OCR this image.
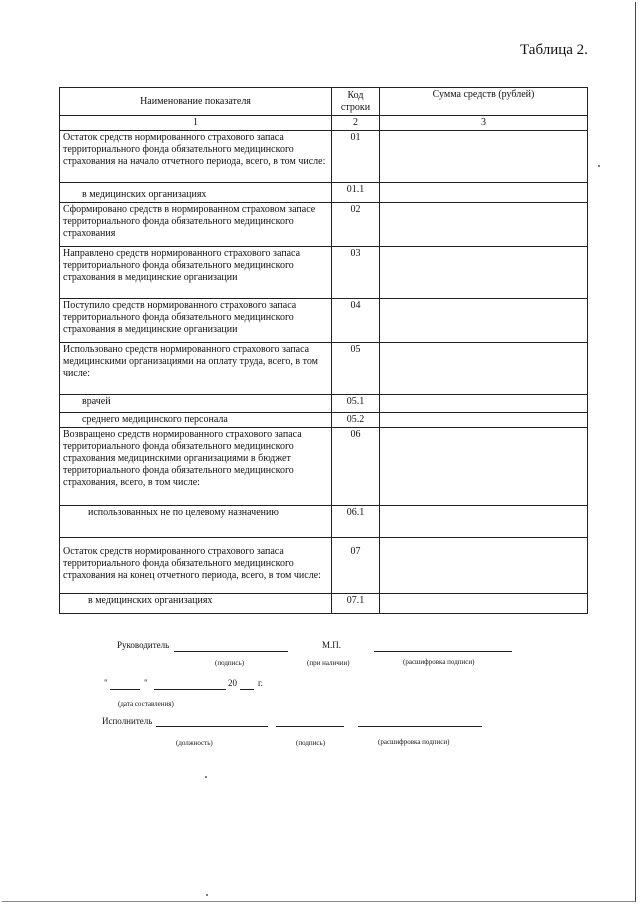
Таблица 2.
Наименование показателя	Код строки	Сумма средств (рублей)
1	2	3
Остаток средств нормированного страхового запаса территориального фонда обязательного медицинского страхования на начало отчетного периода, всего, в том числе:	01	
в медицинских организациях	01.1	
Сформировано средств в нормированном страховом запасе территориального фонда обязательного медицинского страхования	02	
Направлено средств нормированного страхового запаса территориального фонда обязательного медицинского страхования в медицинские организации	03	
Поступило средств нормированного страхового запаса территориального фонда обязательного медицинского страхования в медицинские организации	04	
Использовано средств нормированного страхового запаса медицинскими организациями на оплату труда, всего, в том числе:	05	
врачей	05.1	
среднего медицинского персонала	05.2	
Возвращено средств нормированного страхового запаса территориального фонда обязательного медицинского страхования медицинскими организациями в бюджет территориального фонда обязательного медицинского страхования, всего, в том числе:	06	
использованных не по целевому назначению	06.1	
Остаток средств нормированного страхового запаса территориального фонда обязательного медицинского страхования на конец отчетного периода, всего, в том числе:	07	
в медицинских организациях	07.1	
Руководитель	М.П.
(подпись)	(при наличии)	(расшифровка подписи)
"	"	20 г.
(дата составления)
Исполнитель
(должность)	(подпись)	(расшифровка подписи)
